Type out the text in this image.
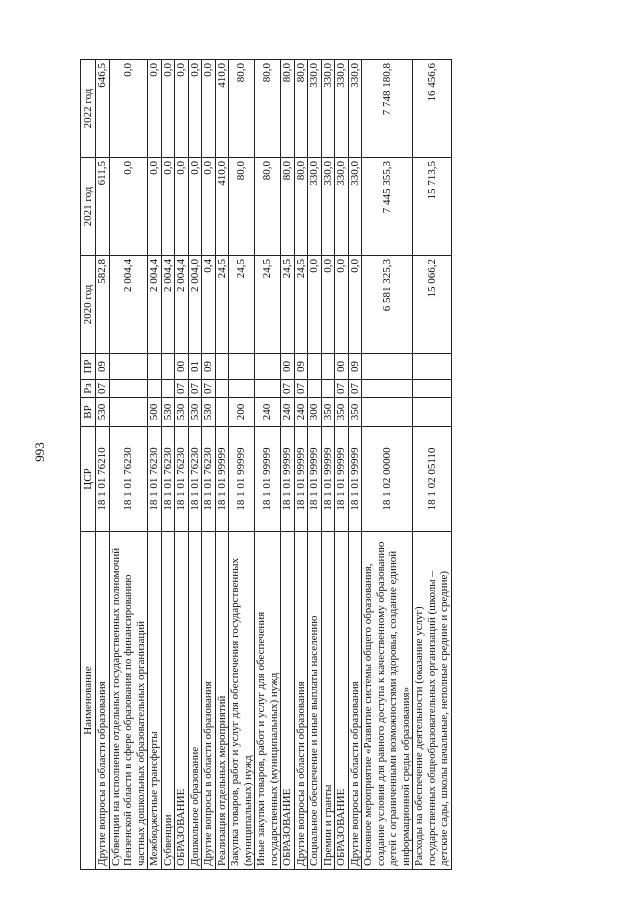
993
Наименование	ЦСР	ВР	Рз	ПР	2020 год	2021 год	2022 год
Другие вопросы в области образования	18 1 01 76210	530	07	09	582,8	611,5	646,5
Субвенции на исполнение отдельных государственных полномочий Пензенской области в сфере образования по финансированию частных дошкольных образовательных организаций	18 1 01 76230				2 004,4	0,0	0,0
Межбюджетные трансферты	18 1 01 76230	500			2 004,4	0,0	0,0
Субвенции	18 1 01 76230	530			2 004,4	0,0	0,0
ОБРАЗОВАНИЕ	18 1 01 76230	530	07	00	2 004,4	0,0	0,0
Дошкольное образование	18 1 01 76230	530	07	01	2 004,0	0,0	0,0
Другие вопросы в области образования	18 1 01 76230	530	07	09	0,4	0,0	0,0
Реализация отдельных мероприятий	18 1 01 99999				24,5	410,0	410,0
Закупка товаров, работ и услуг для обеспечения государственных (муниципальных) нужд	18 1 01 99999	200			24,5	80,0	80,0
Иные закупки товаров, работ и услуг для обеспечения государственных (муниципальных) нужд	18 1 01 99999	240			24,5	80,0	80,0
ОБРАЗОВАНИЕ	18 1 01 99999	240	07	00	24,5	80,0	80,0
Другие вопросы в области образования	18 1 01 99999	240	07	09	24,5	80,0	80,0
Социальное обеспечение и иные выплаты населению	18 1 01 99999	300			0,0	330,0	330,0
Премии и гранты	18 1 01 99999	350			0,0	330,0	330,0
ОБРАЗОВАНИЕ	18 1 01 99999	350	07	00	0,0	330,0	330,0
Другие вопросы в области образования	18 1 01 99999	350	07	09	0,0	330,0	330,0
Основное мероприятие «Развитие системы общего образования, создание условия для равного доступа к качественному образованию детей с ограниченными возможностями здоровья, создание единой информационной среды образования»	18 1 02 00000				6 581 325,3	7 445 355,3	7 748 180,8
Расходы на обеспечение деятельности (оказание услуг) государственных общеобразовательных организаций (школы – детские сады, школы начальные, неполные средние и средние)	18 1 02 05110				15 066,2	15 713,5	16 456,6
